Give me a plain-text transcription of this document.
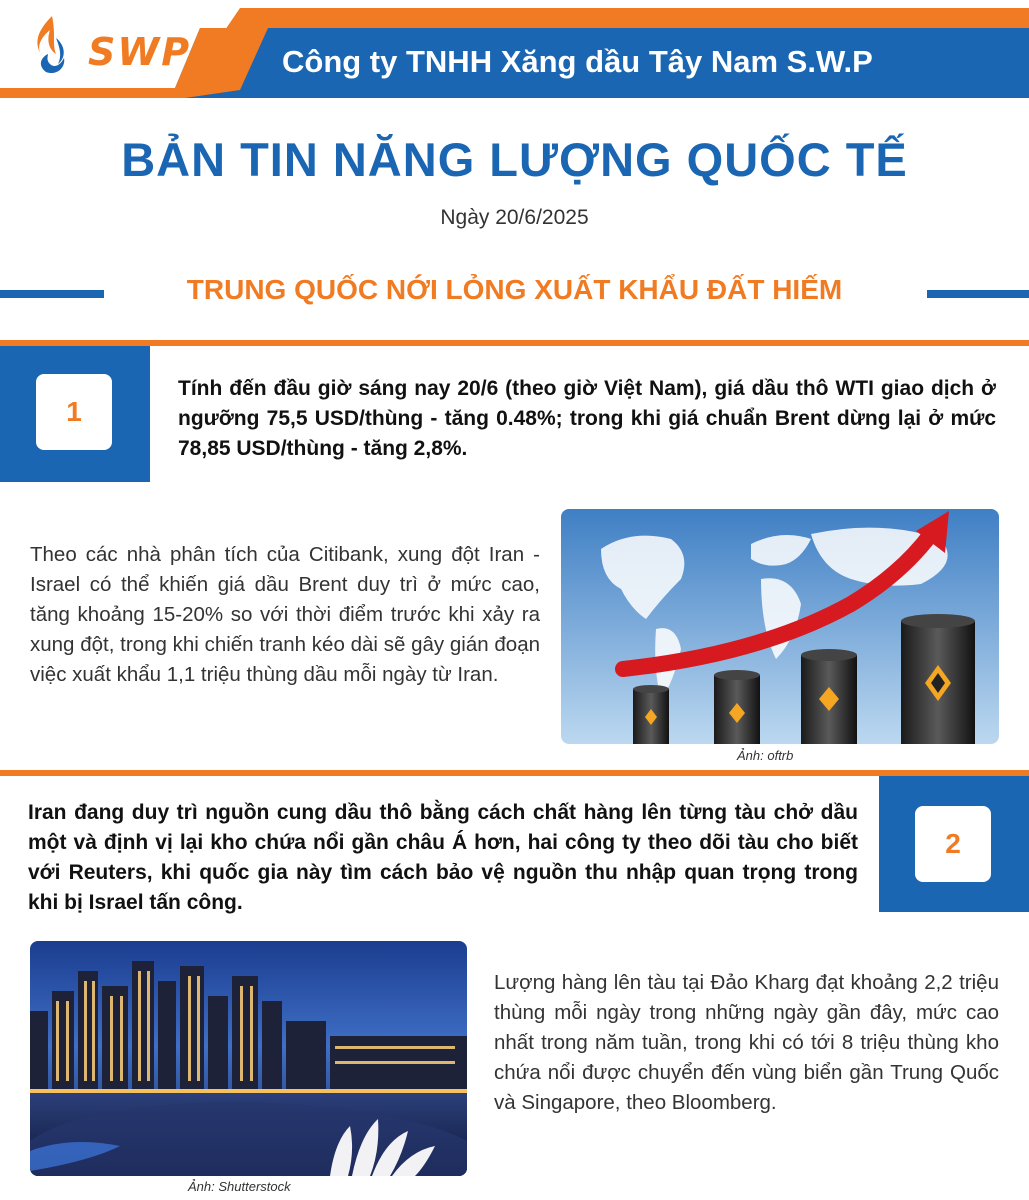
SWP	Công ty TNHH Xăng dầu Tây Nam S.W.P
BẢN TIN NĂNG LƯỢNG QUỐC TẾ
Ngày 20/6/2025
TRUNG QUỐC NỚI LỎNG XUẤT KHẨU ĐẤT HIẾM
1
Tính đến đầu giờ sáng nay 20/6 (theo giờ Việt Nam), giá dầu thô WTI giao dịch ở ngưỡng 75,5 USD/thùng - tăng 0.48%; trong khi giá chuẩn Brent dừng lại ở mức 78,85 USD/thùng - tăng 2,8%.
Theo các nhà phân tích của Citibank, xung đột Iran - Israel có thể khiến giá dầu Brent duy trì ở mức cao, tăng khoảng 15-20% so với thời điểm trước khi xảy ra xung đột, trong khi chiến tranh kéo dài sẽ gây gián đoạn việc xuất khẩu 1,1 triệu thùng dầu mỗi ngày từ Iran.
Ảnh: oftrb
2
Iran đang duy trì nguồn cung dầu thô bằng cách chất hàng lên từng tàu chở dầu một và định vị lại kho chứa nổi gần châu Á hơn, hai công ty theo dõi tàu cho biết với Reuters, khi quốc gia này tìm cách bảo vệ nguồn thu nhập quan trọng trong khi bị Israel tấn công.
Ảnh: Shutterstock
Lượng hàng lên tàu tại Đảo Kharg đạt khoảng 2,2 triệu thùng mỗi ngày trong những ngày gần đây, mức cao nhất trong năm tuần, trong khi có tới 8 triệu thùng kho chứa nổi được chuyển đến vùng biển gần Trung Quốc và Singapore, theo Bloomberg.
